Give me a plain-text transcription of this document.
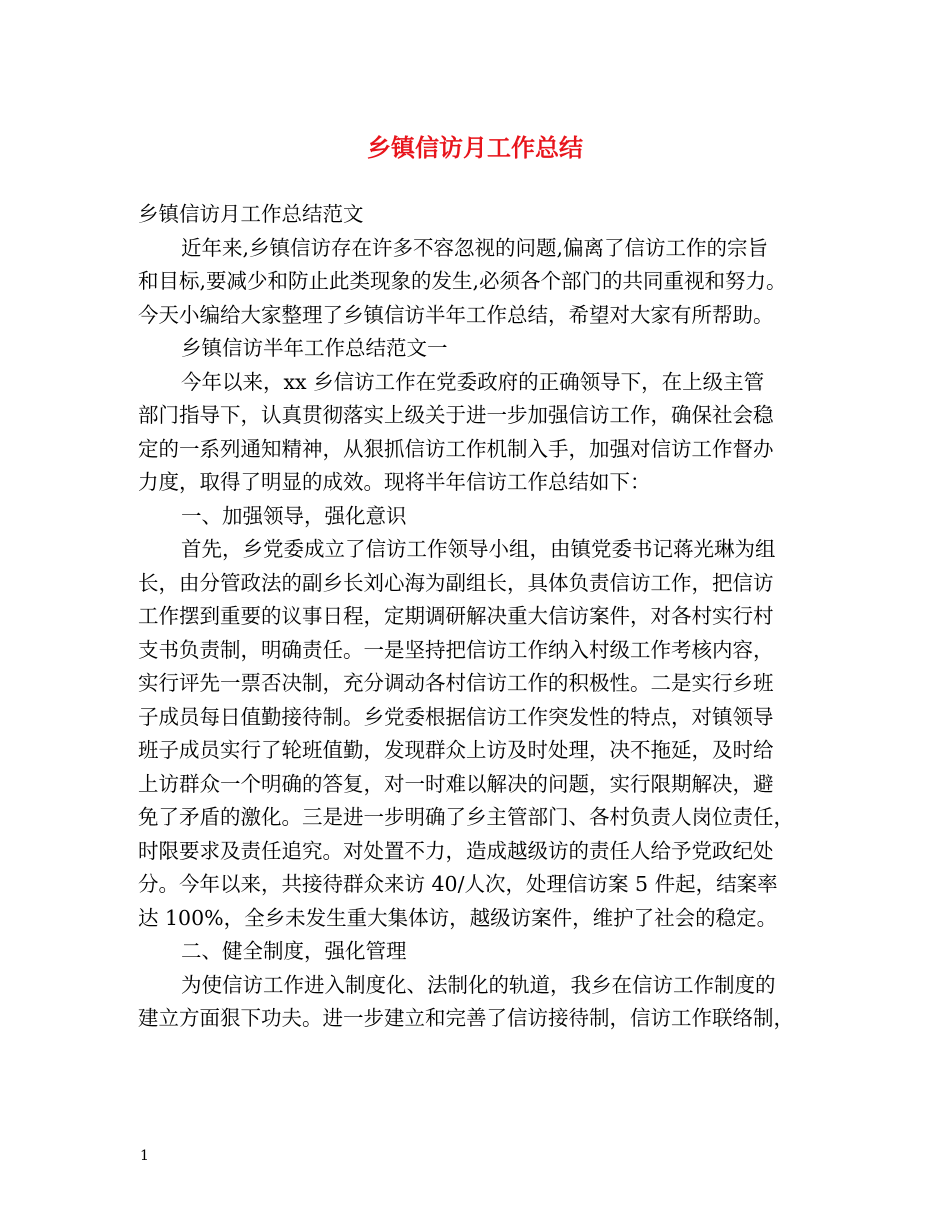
乡镇信访月工作总结

乡镇信访月工作总结范文

近年来,乡镇信访存在许多不容忽视的问题,偏离了信访工作的宗旨

和目标,要减少和防止此类现象的发生,必须各个部门的共同重视和努力。

今天小编给大家整理了乡镇信访半年工作总结，希望对大家有所帮助。

乡镇信访半年工作总结范文一

今年以来，xx 乡信访工作在党委政府的正确领导下，在上级主管

部门指导下，认真贯彻落实上级关于进一步加强信访工作，确保社会稳

定的一系列通知精神，从狠抓信访工作机制入手，加强对信访工作督办

力度，取得了明显的成效。现将半年信访工作总结如下：

一、加强领导，强化意识

首先，乡党委成立了信访工作领导小组，由镇党委书记蒋光琳为组

长，由分管政法的副乡长刘心海为副组长，具体负责信访工作，把信访

工作摆到重要的议事日程，定期调研解决重大信访案件，对各村实行村

支书负责制，明确责任。一是坚持把信访工作纳入村级工作考核内容，

实行评先一票否决制，充分调动各村信访工作的积极性。二是实行乡班

子成员每日值勤接待制。乡党委根据信访工作突发性的特点，对镇领导

班子成员实行了轮班值勤，发现群众上访及时处理，决不拖延，及时给

上访群众一个明确的答复，对一时难以解决的问题，实行限期解决，避

免了矛盾的激化。三是进一步明确了乡主管部门、各村负责人岗位责任，

时限要求及责任追究。对处置不力，造成越级访的责任人给予党政纪处

分。今年以来，共接待群众来访 40/人次，处理信访案 5 件起，结案率

达 100%，全乡未发生重大集体访，越级访案件，维护了社会的稳定。

二、健全制度，强化管理

为使信访工作进入制度化、法制化的轨道，我乡在信访工作制度的

建立方面狠下功夫。进一步建立和完善了信访接待制，信访工作联络制，

1
